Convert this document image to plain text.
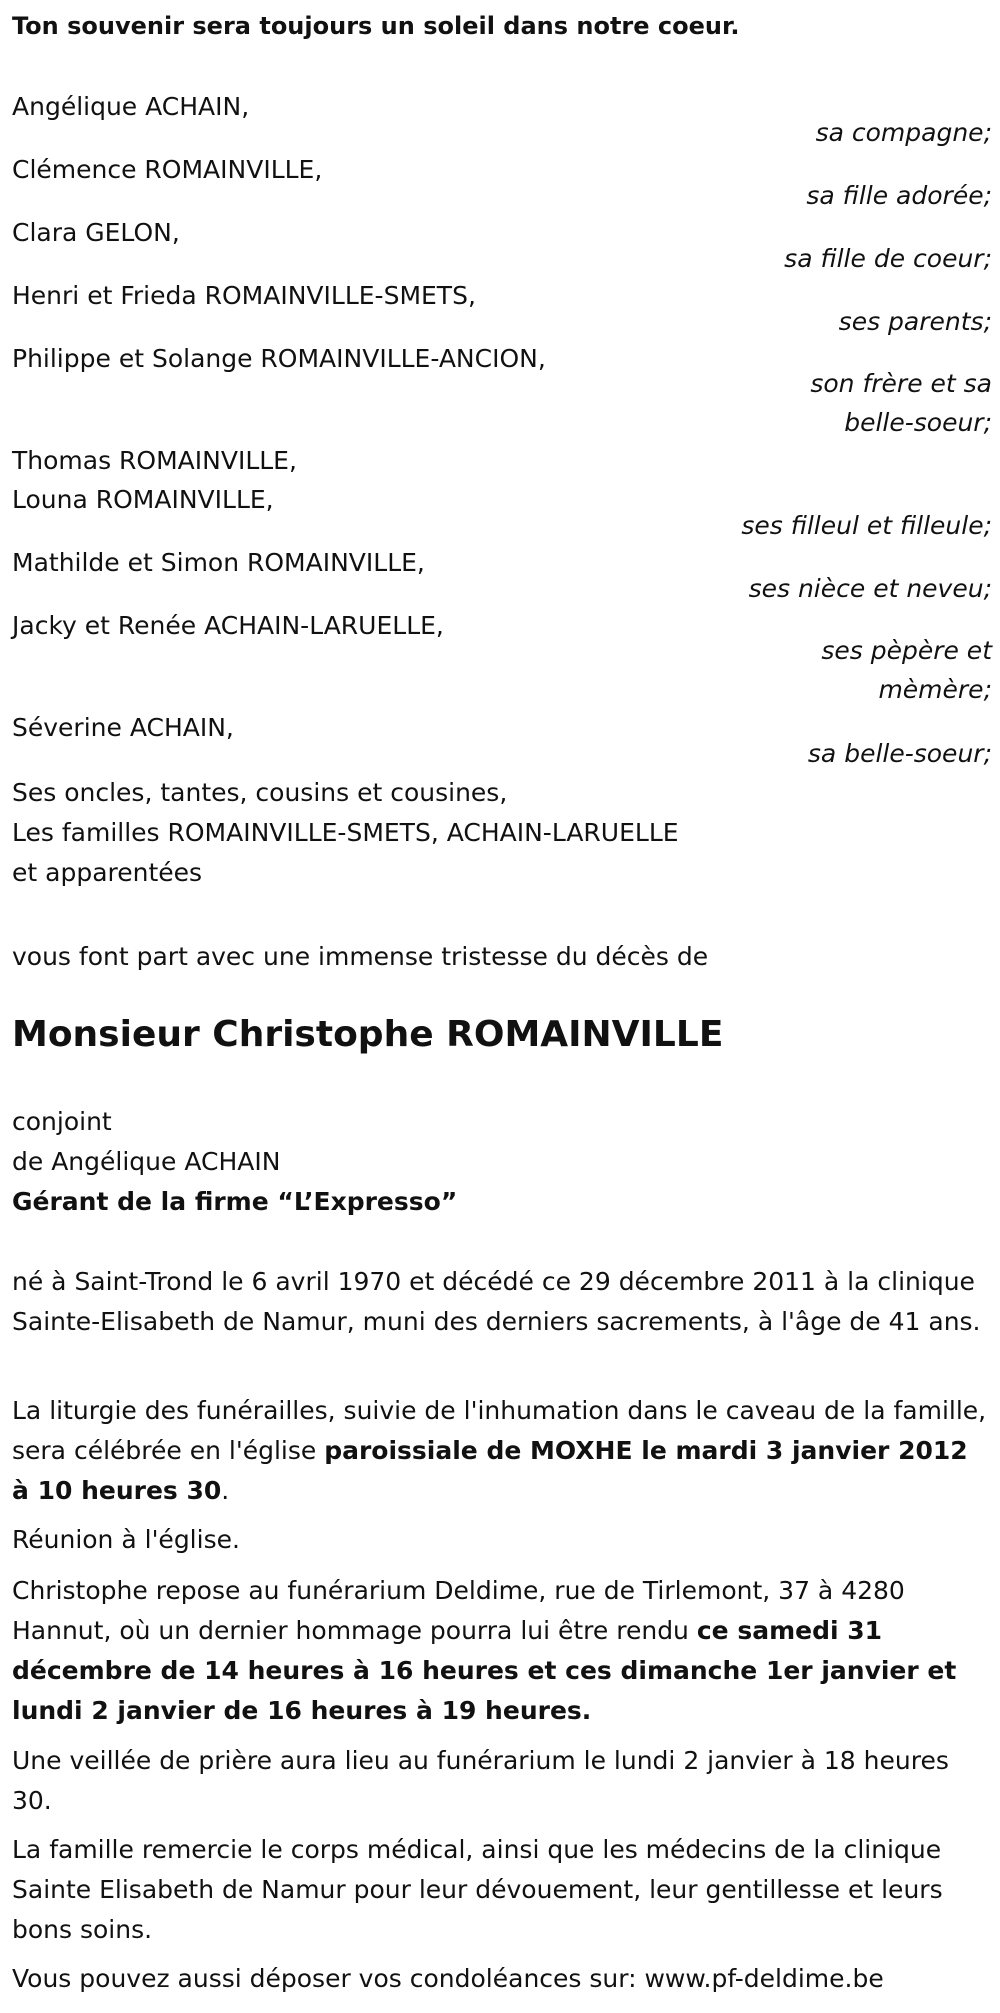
Ton souvenir sera toujours un soleil dans notre coeur.

Angélique ACHAIN,
sa compagne;
Clémence ROMAINVILLE,
sa fille adorée;
Clara GELON,
sa fille de coeur;
Henri et Frieda ROMAINVILLE-SMETS,
ses parents;
Philippe et Solange ROMAINVILLE-ANCION,
son frère et sa
belle-soeur;
Thomas ROMAINVILLE,
Louna ROMAINVILLE,
ses filleul et filleule;
Mathilde et Simon ROMAINVILLE,
ses nièce et neveu;
Jacky et Renée ACHAIN-LARUELLE,
ses pèpère et
mèmère;
Séverine ACHAIN,
sa belle-soeur;
Ses oncles, tantes, cousins et cousines,
Les familles ROMAINVILLE-SMETS, ACHAIN-LARUELLE
et apparentées
vous font part avec une immense tristesse du décès de
Monsieur Christophe ROMAINVILLE
conjoint
de Angélique ACHAIN
Gérant de la firme “L’Expresso”

né à Saint-Trond le 6 avril 1970 et décédé ce 29 décembre 2011 à la clinique Sainte-Elisabeth de Namur, muni des derniers sacrements, à l'âge de 41 ans.

La liturgie des funérailles, suivie de l'inhumation dans le caveau de la famille, sera célébrée en l'église paroissiale de MOXHE le mardi 3 janvier 2012 à 10 heures 30.

Réunion à l'église.

Christophe repose au funérarium Deldime, rue de Tirlemont, 37 à 4280 Hannut, où un dernier hommage pourra lui être rendu ce samedi 31 décembre de 14 heures à 16 heures et ces dimanche 1er janvier et lundi 2 janvier de 16 heures à 19 heures.

Une veillée de prière aura lieu au funérarium le lundi 2 janvier à 18 heures 30.

La famille remercie le corps médical, ainsi que les médecins de la clinique Sainte Elisabeth de Namur pour leur dévouement, leur gentillesse et leurs bons soins.

Vous pouvez aussi déposer vos condoléances sur: www.pf-deldime.be
